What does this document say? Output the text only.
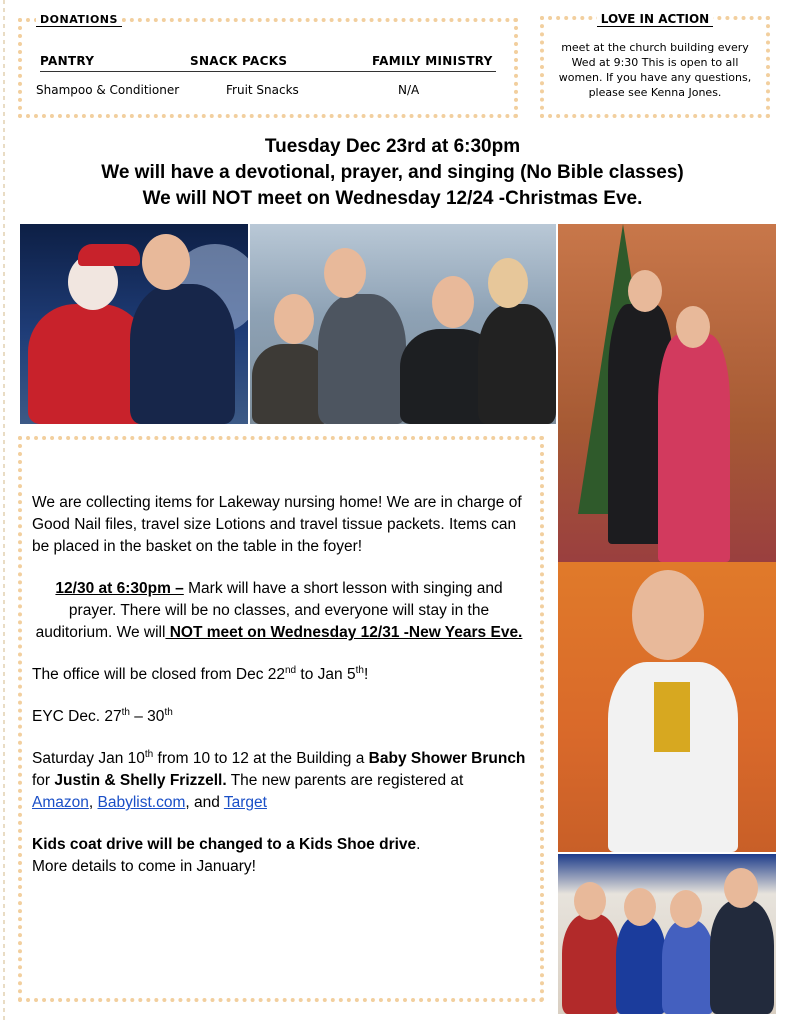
DONATIONS
PANTRY	SNACK PACKS	FAMILY MINISTRY
Shampoo & Conditioner	Fruit Snacks	N/A
LOVE IN ACTION
meet at the church building every Wed at 9:30 This is open to all women. If you have any questions, please see Kenna Jones.
Tuesday Dec 23rd at 6:30pm
We will have a devotional, prayer, and singing (No Bible classes)
We will NOT meet on Wednesday 12/24 -Christmas Eve.

We are collecting items for Lakeway nursing home! We are in charge of Good Nail files, travel size Lotions and travel tissue packets. Items can be placed in the basket on the table in the foyer!

12/30 at 6:30pm – Mark will have a short lesson with singing and prayer. There will be no classes, and everyone will stay in the auditorium. We will NOT meet on Wednesday 12/31 -New Years Eve.

The office will be closed from Dec 22nd to Jan 5th!

EYC Dec. 27th – 30th

Saturday Jan 10th from 10 to 12 at the Building a Baby Shower Brunch for Justin & Shelly Frizzell. The new parents are registered at Amazon, Babylist.com, and Target

Kids coat drive will be changed to a Kids Shoe drive.
More details to come in January!
